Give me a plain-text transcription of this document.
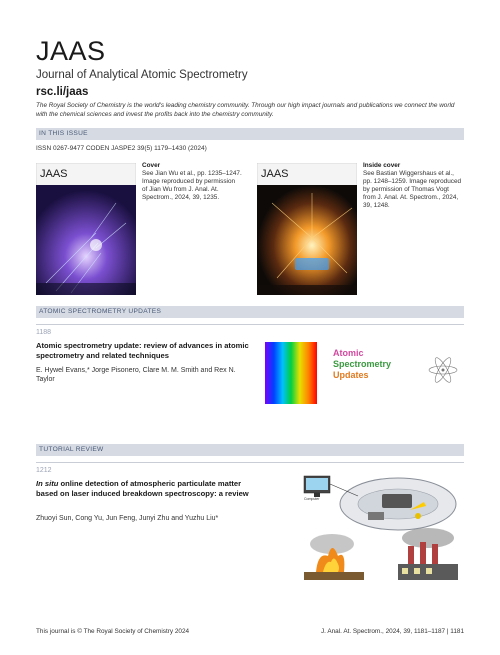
JAAS
Journal of Analytical Atomic Spectrometry
rsc.li/jaas
The Royal Society of Chemistry is the world's leading chemistry community. Through our high impact journals and publications we connect the world with the chemical sciences and invest the profits back into the chemistry community.
IN THIS ISSUE
ISSN 0267-9477 CODEN JASPE2 39(5) 1179–1430 (2024)
JAAS
Cover
See Jian Wu et al., pp. 1235–1247. Image reproduced by permission of Jian Wu from J. Anal. At. Spectrom., 2024, 39, 1235.
JAAS
Inside cover
See Bastian Wiggershaus et al., pp. 1248–1259. Image reproduced by permission of Thomas Vogt from J. Anal. At. Spectrom., 2024, 39, 1248.
ATOMIC SPECTROMETRY UPDATES
1188
Atomic spectrometry update: review of advances in atomic spectrometry and related techniques
E. Hywel Evans,* Jorge Pisonero, Clare M. M. Smith and Rex N. Taylor
Atomic
Spectrometry
Updates
TUTORIAL REVIEW
1212
In situ online detection of atmospheric particulate matter based on laser induced breakdown spectroscopy: a review
Zhuoyi Sun, Cong Yu, Jun Feng, Junyi Zhu and Yuzhu Liu*
Computer
This journal is © The Royal Society of Chemistry 2024	J. Anal. At. Spectrom., 2024, 39, 1181–1187 | 1181
